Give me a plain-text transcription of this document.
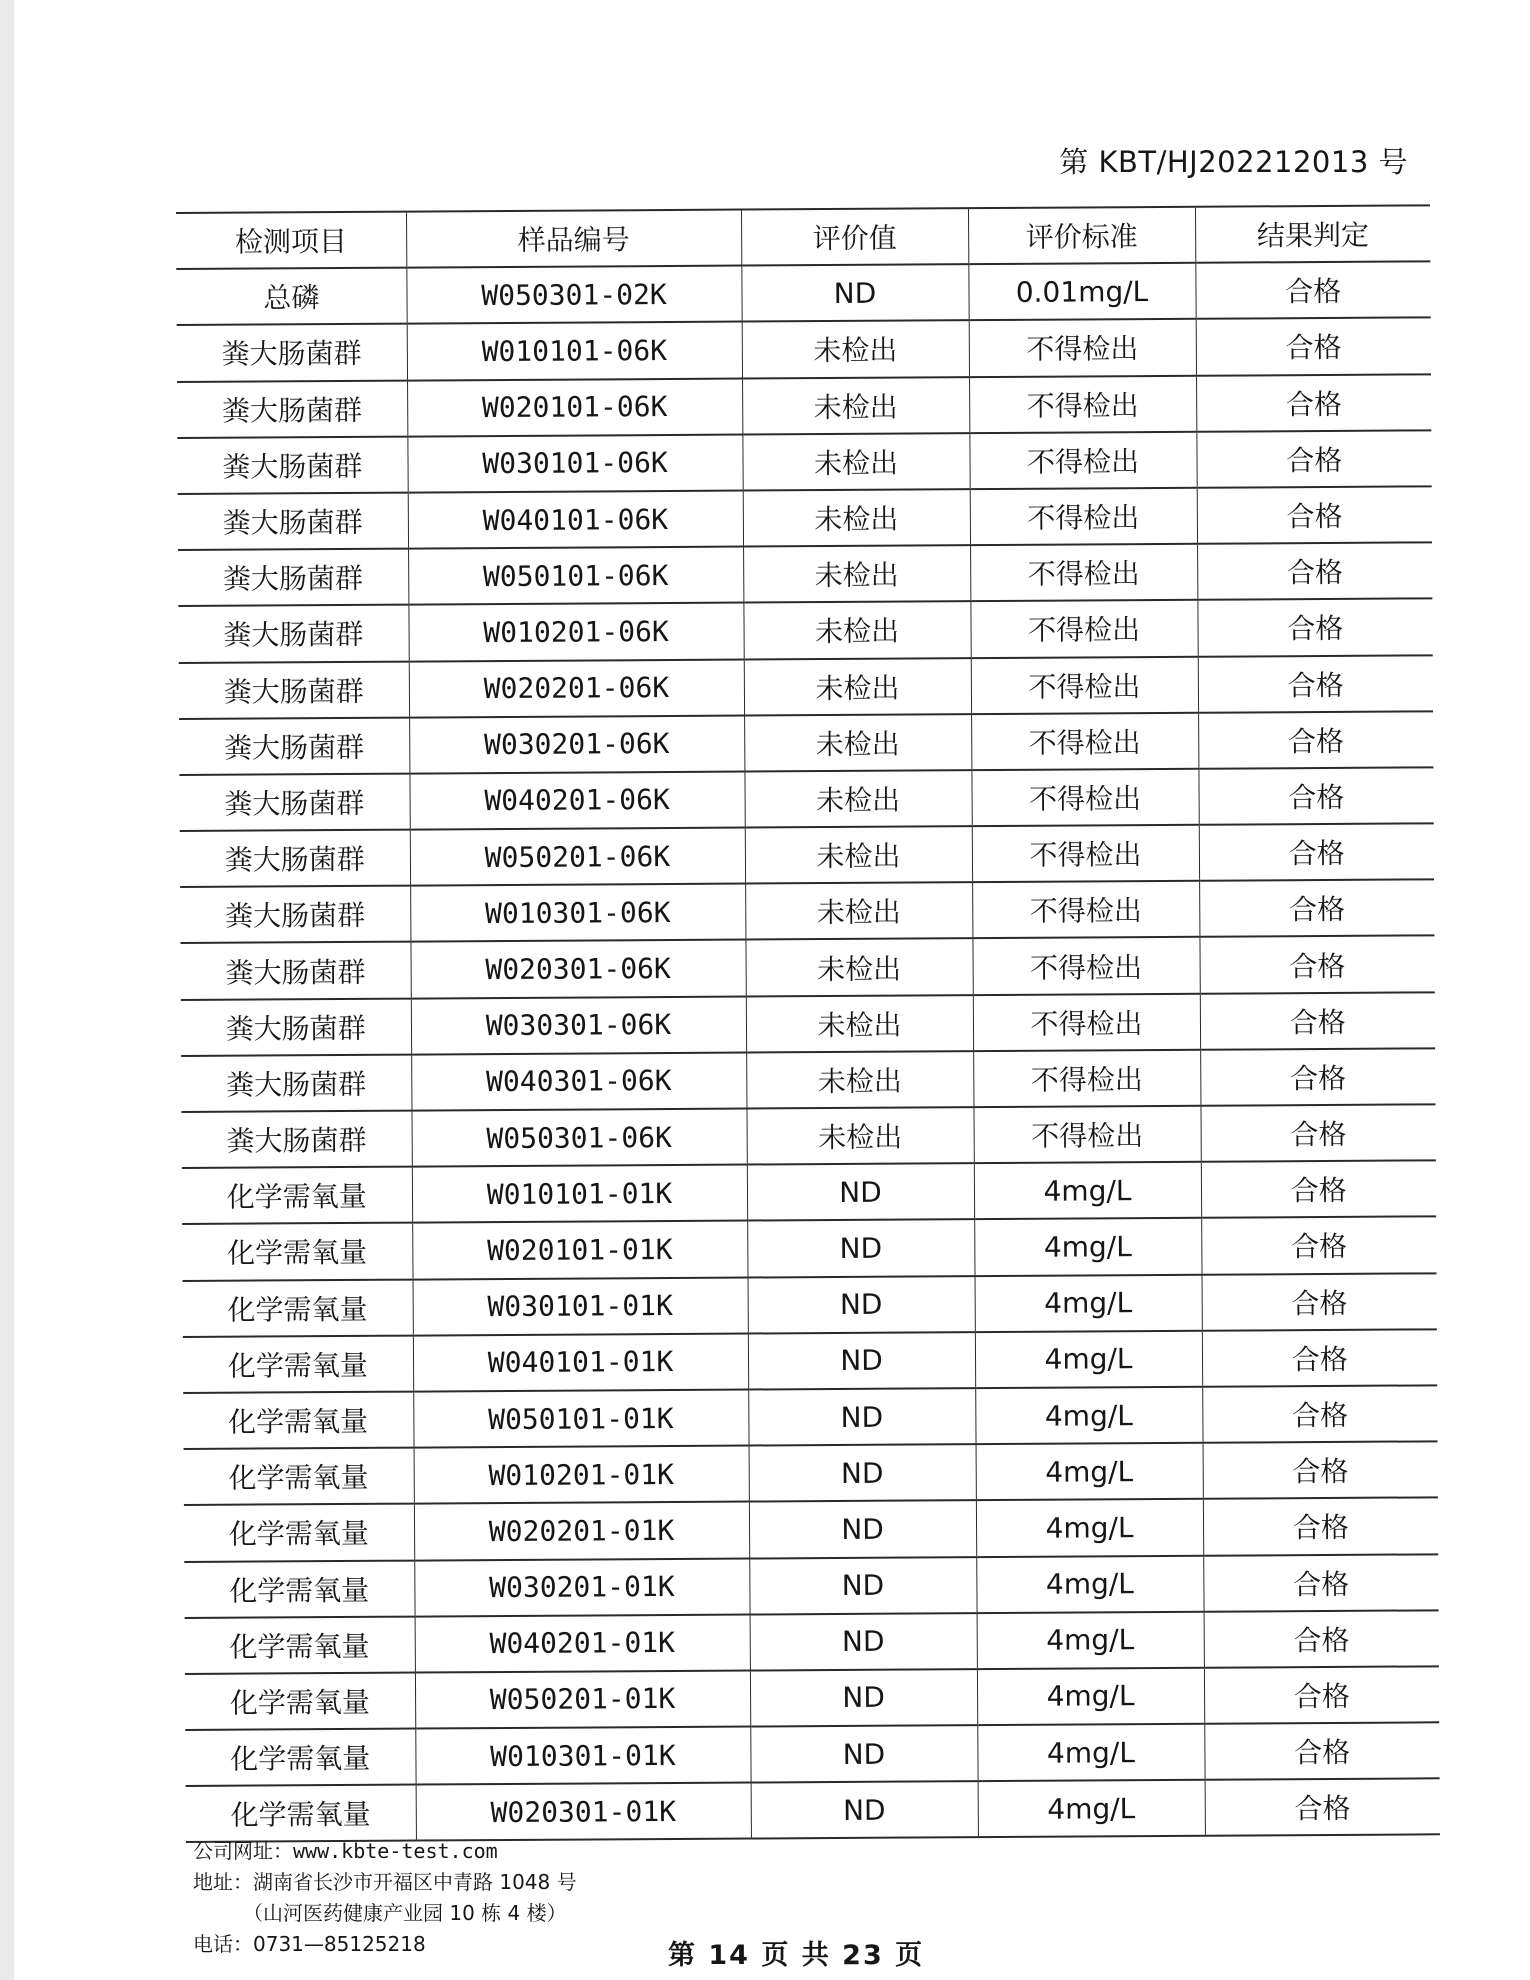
第 KBT/HJ202212013 号
检测项目	样品编号	评价值	评价标准	结果判定
总磷	W050301-02K	ND	0.01mg/L	合格
粪大肠菌群	W010101-06K	未检出	不得检出	合格
粪大肠菌群	W020101-06K	未检出	不得检出	合格
粪大肠菌群	W030101-06K	未检出	不得检出	合格
粪大肠菌群	W040101-06K	未检出	不得检出	合格
粪大肠菌群	W050101-06K	未检出	不得检出	合格
粪大肠菌群	W010201-06K	未检出	不得检出	合格
粪大肠菌群	W020201-06K	未检出	不得检出	合格
粪大肠菌群	W030201-06K	未检出	不得检出	合格
粪大肠菌群	W040201-06K	未检出	不得检出	合格
粪大肠菌群	W050201-06K	未检出	不得检出	合格
粪大肠菌群	W010301-06K	未检出	不得检出	合格
粪大肠菌群	W020301-06K	未检出	不得检出	合格
粪大肠菌群	W030301-06K	未检出	不得检出	合格
粪大肠菌群	W040301-06K	未检出	不得检出	合格
粪大肠菌群	W050301-06K	未检出	不得检出	合格
化学需氧量	W010101-01K	ND	4mg/L	合格
化学需氧量	W020101-01K	ND	4mg/L	合格
化学需氧量	W030101-01K	ND	4mg/L	合格
化学需氧量	W040101-01K	ND	4mg/L	合格
化学需氧量	W050101-01K	ND	4mg/L	合格
化学需氧量	W010201-01K	ND	4mg/L	合格
化学需氧量	W020201-01K	ND	4mg/L	合格
化学需氧量	W030201-01K	ND	4mg/L	合格
化学需氧量	W040201-01K	ND	4mg/L	合格
化学需氧量	W050201-01K	ND	4mg/L	合格
化学需氧量	W010301-01K	ND	4mg/L	合格
化学需氧量	W020301-01K	ND	4mg/L	合格
公司网址：www.kbte-test.com
地址：湖南省长沙市开福区中青路 1048 号
（山河医药健康产业园 10 栋 4 楼）
电话：0731—85125218	第 14 页 共 23 页
